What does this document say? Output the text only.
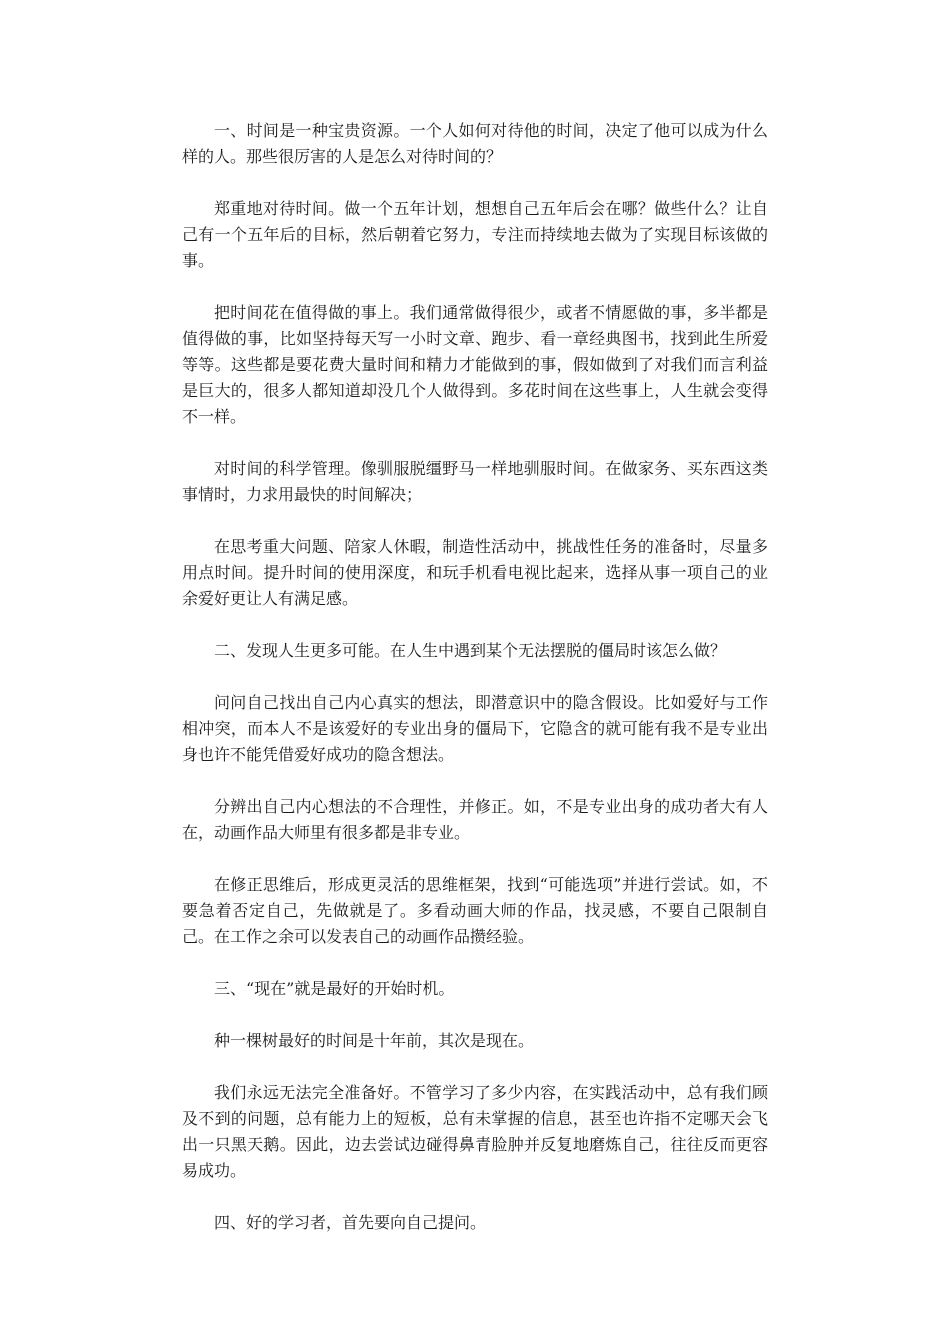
一、时间是一种宝贵资源。一个人如何对待他的时间，决定了他可以成为什么样的人。那些很厉害的人是怎么对待时间的？

郑重地对待时间。做一个五年计划，想想自己五年后会在哪？做些什么？让自己有一个五年后的目标，然后朝着它努力，专注而持续地去做为了实现目标该做的事。

把时间花在值得做的事上。我们通常做得很少，或者不情愿做的事，多半都是值得做的事，比如坚持每天写一小时文章、跑步、看一章经典图书，找到此生所爱等等。这些都是要花费大量时间和精力才能做到的事，假如做到了对我们而言利益是巨大的，很多人都知道却没几个人做得到。多花时间在这些事上，人生就会变得不一样。

对时间的科学管理。像驯服脱缰野马一样地驯服时间。在做家务、买东西这类事情时，力求用最快的时间解决；

在思考重大问题、陪家人休暇，制造性活动中，挑战性任务的准备时，尽量多用点时间。提升时间的使用深度，和玩手机看电视比起来，选择从事一项自己的业余爱好更让人有满足感。

二、发现人生更多可能。在人生中遇到某个无法摆脱的僵局时该怎么做？

问问自己找出自己内心真实的想法，即潜意识中的隐含假设。比如爱好与工作相冲突，而本人不是该爱好的专业出身的僵局下，它隐含的就可能有我不是专业出身也许不能凭借爱好成功的隐含想法。

分辨出自己内心想法的不合理性，并修正。如，不是专业出身的成功者大有人在，动画作品大师里有很多都是非专业。

在修正思维后，形成更灵活的思维框架，找到“可能选项”并进行尝试。如，不要急着否定自己，先做就是了。多看动画大师的作品，找灵感，不要自己限制自己。在工作之余可以发表自己的动画作品攒经验。

三、“现在”就是最好的开始时机。

种一棵树最好的时间是十年前，其次是现在。

我们永远无法完全准备好。不管学习了多少内容，在实践活动中，总有我们顾及不到的问题，总有能力上的短板，总有未掌握的信息，甚至也许指不定哪天会飞出一只黑天鹅。因此，边去尝试边碰得鼻青脸肿并反复地磨炼自己，往往反而更容易成功。

四、好的学习者，首先要向自己提问。
